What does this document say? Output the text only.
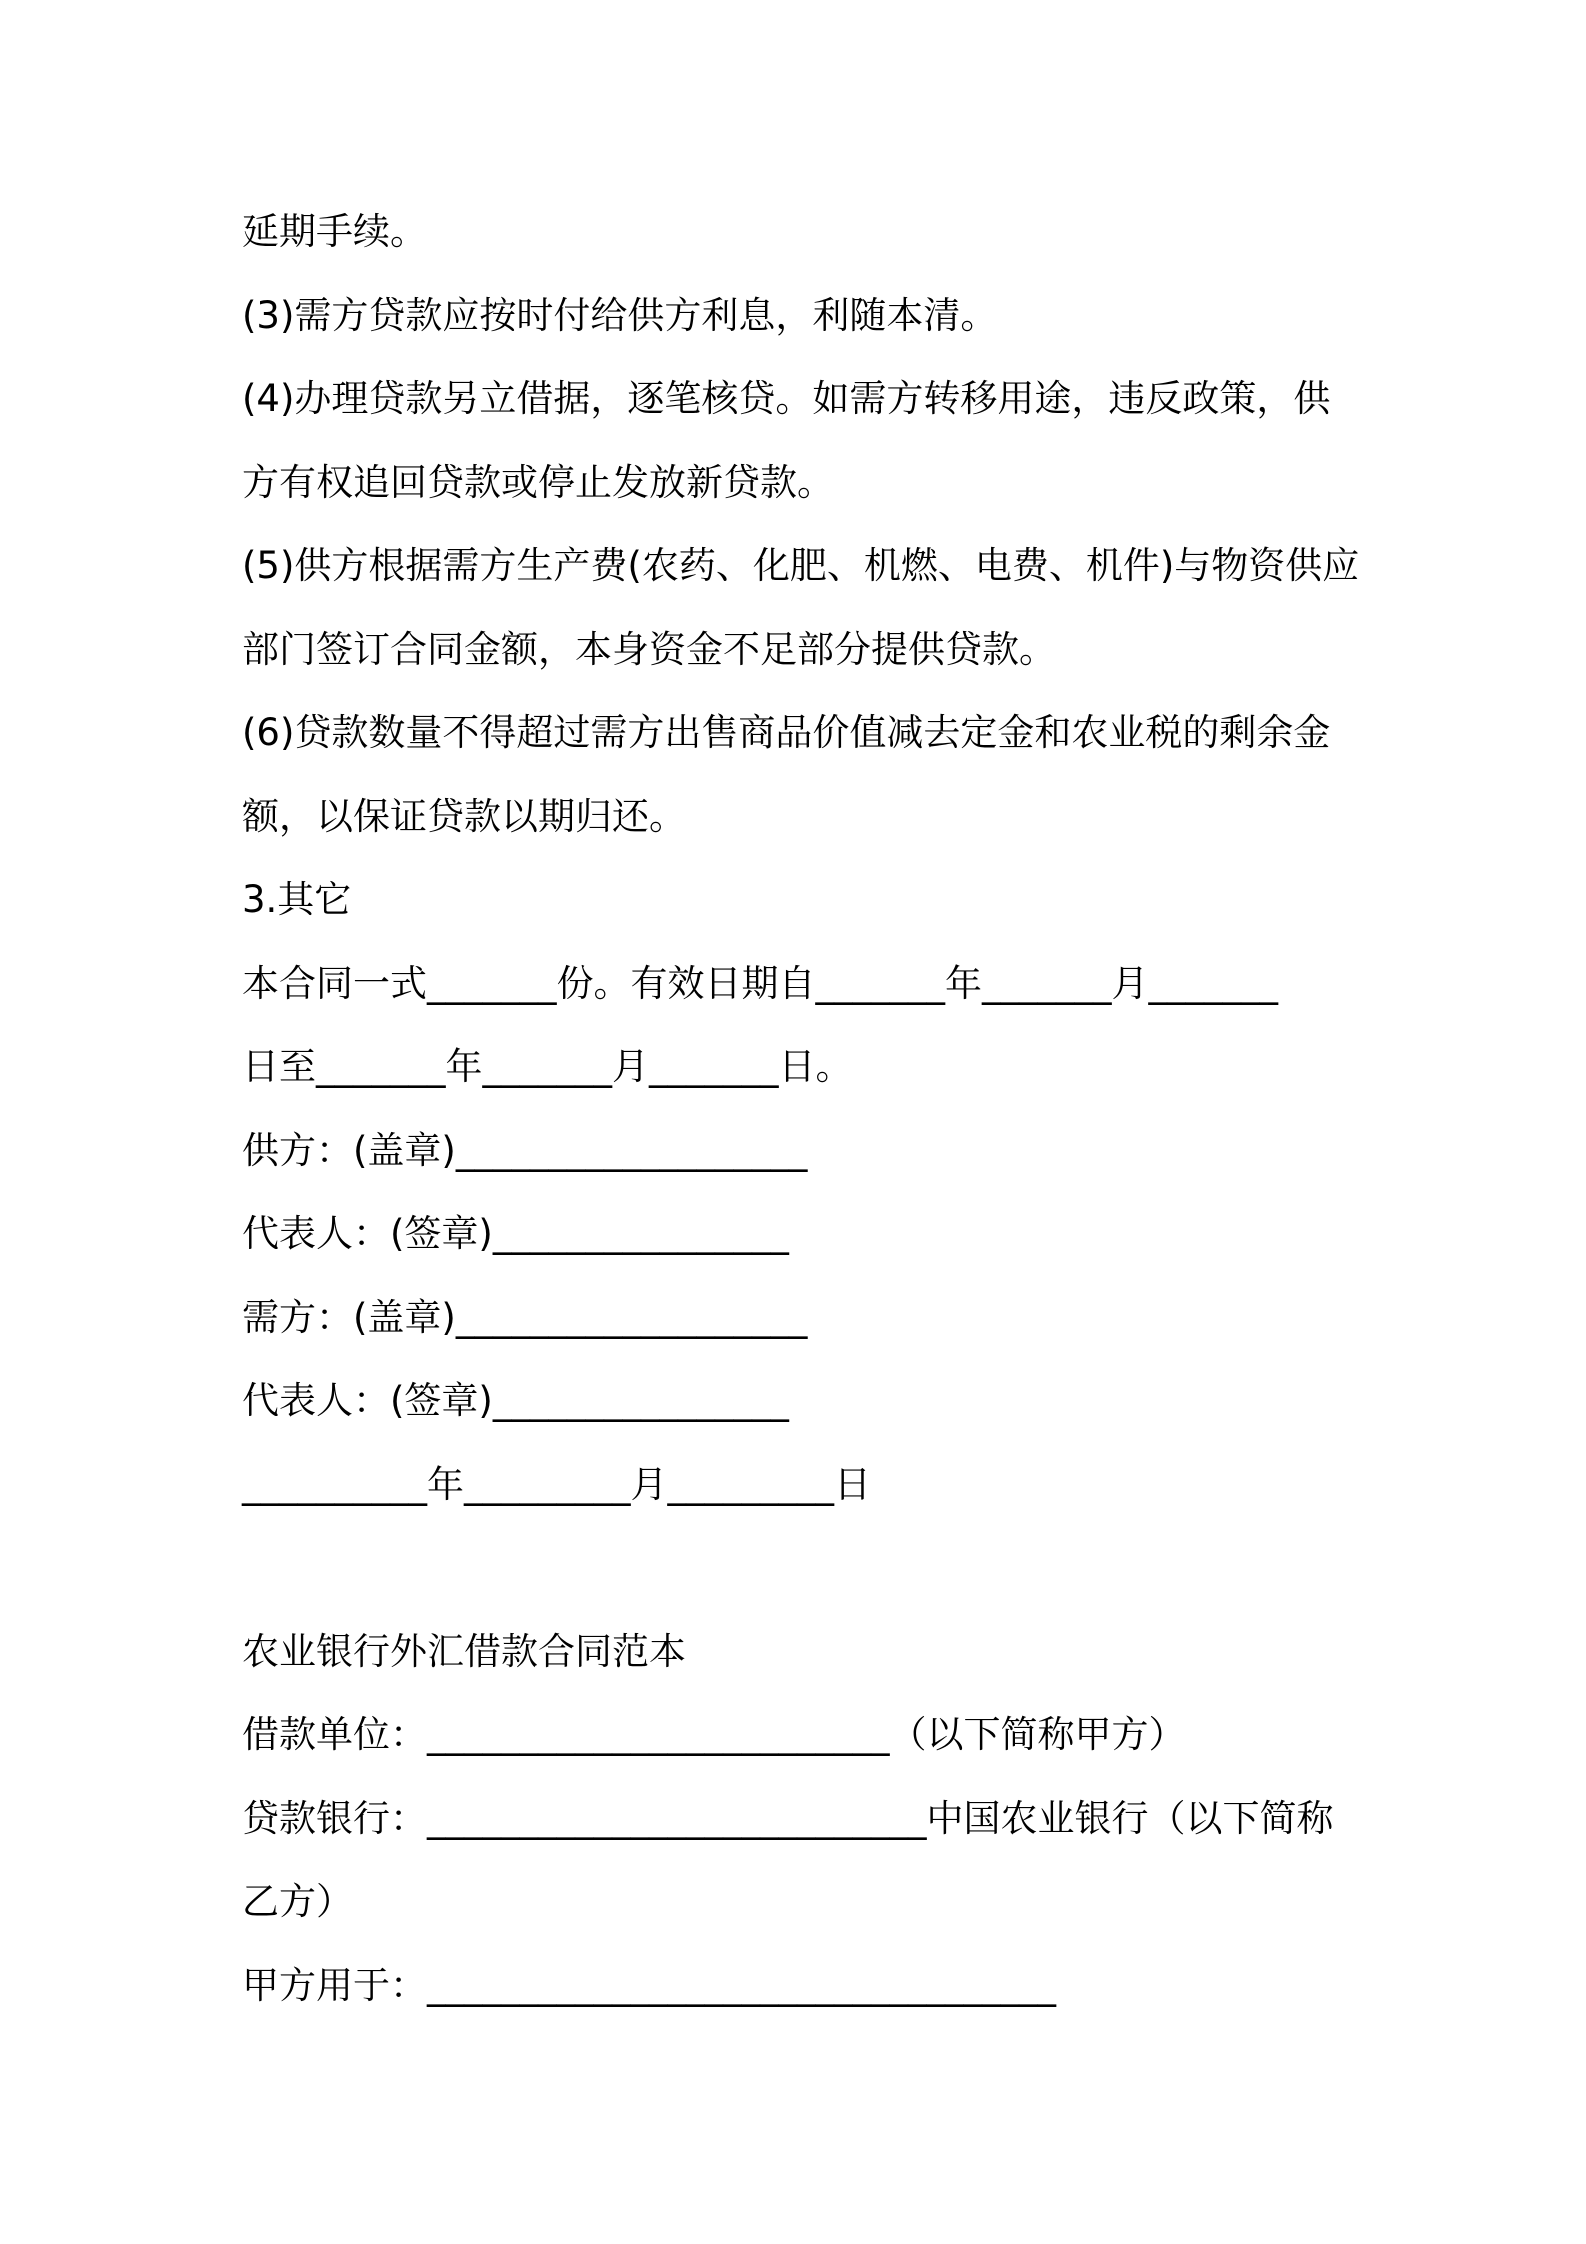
延期手续。
(3)需方贷款应按时付给供方利息，利随本清。
(4)办理贷款另立借据，逐笔核贷。如需方转移用途，违反政策，供
方有权追回贷款或停止发放新贷款。
(5)供方根据需方生产费(农药、化肥、机燃、电费、机件)与物资供应
部门签订合同金额，本身资金不足部分提供贷款。
(6)贷款数量不得超过需方出售商品价值减去定金和农业税的剩余金
额，以保证贷款以期归还。
3.其它
本合同一式_______份。有效日期自_______年_______月_______
日至_______年_______月_______日。
供方：(盖章)___________________
代表人：(签章)________________
需方：(盖章)___________________
代表人：(签章)________________
__________年_________月_________日
农业银行外汇借款合同范本
借款单位：_________________________（以下简称甲方）
贷款银行：___________________________中国农业银行（以下简称
乙方）
甲方用于：__________________________________
